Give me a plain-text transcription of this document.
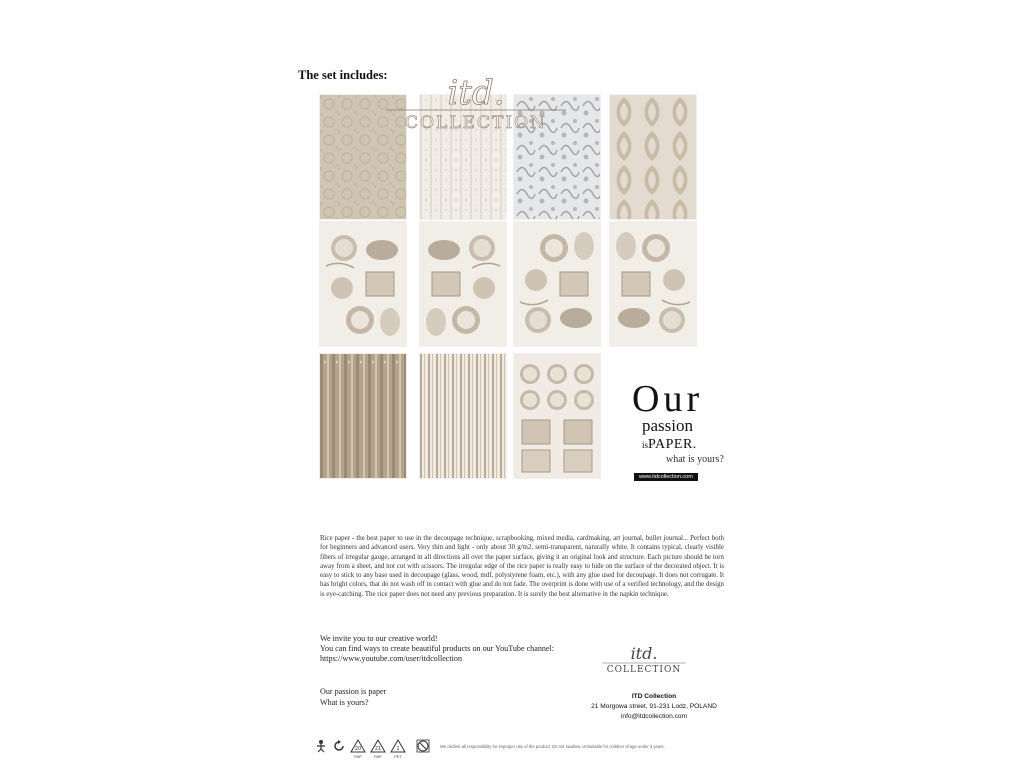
The set includes: itd.
COLLECTION
Our
passion
isPAPER.
what is yours?
www.itdcollection.com
Rice paper - the best paper to use in the decoupage technique, scrapbooking, mixed media, cardmaking, art journal, bullet journal... Perfect both for beginners and advanced users. Very thin and light - only about 30 g/m2, semi-transparent, naturally white. It contains typical, clearly visible fibers of irregular gauge, arranged in all directions all over the paper surface, giving it an original look and structure. Each picture should be torn away from a sheet, and not cut with scissors. The irregular edge of the rice paper is really easy to hide on the surface of the decorated object. It is easy to stick to any base used in decoupage (glass, wood, mdf, polystyrene foam, etc.), with any glue used for decoupage. It does not corrugate. It has bright colors, that do not wash off in contact with glue and do not fade. The overprint is done with use of a verified technology, and the design is eye-catching. The rice paper does not need any previous preparation. It is surely the best alternative in the napkin technique.
We invite you to our creative world!
You can find ways to create beautiful products on our YouTube channel:
https://www.youtube.com/user/itdcollection
Our passion is paper
What is yours?
itd.
COLLECTION
ITD Collection
21 Morgowa street, 91-231 Lodz, POLAND
info@itdcollection.com
20
PAP
21
PAP
1
PET
We decline all responsibility for improper use of the product. Do not swallow. Unsuitable for children of age under 3 years.
